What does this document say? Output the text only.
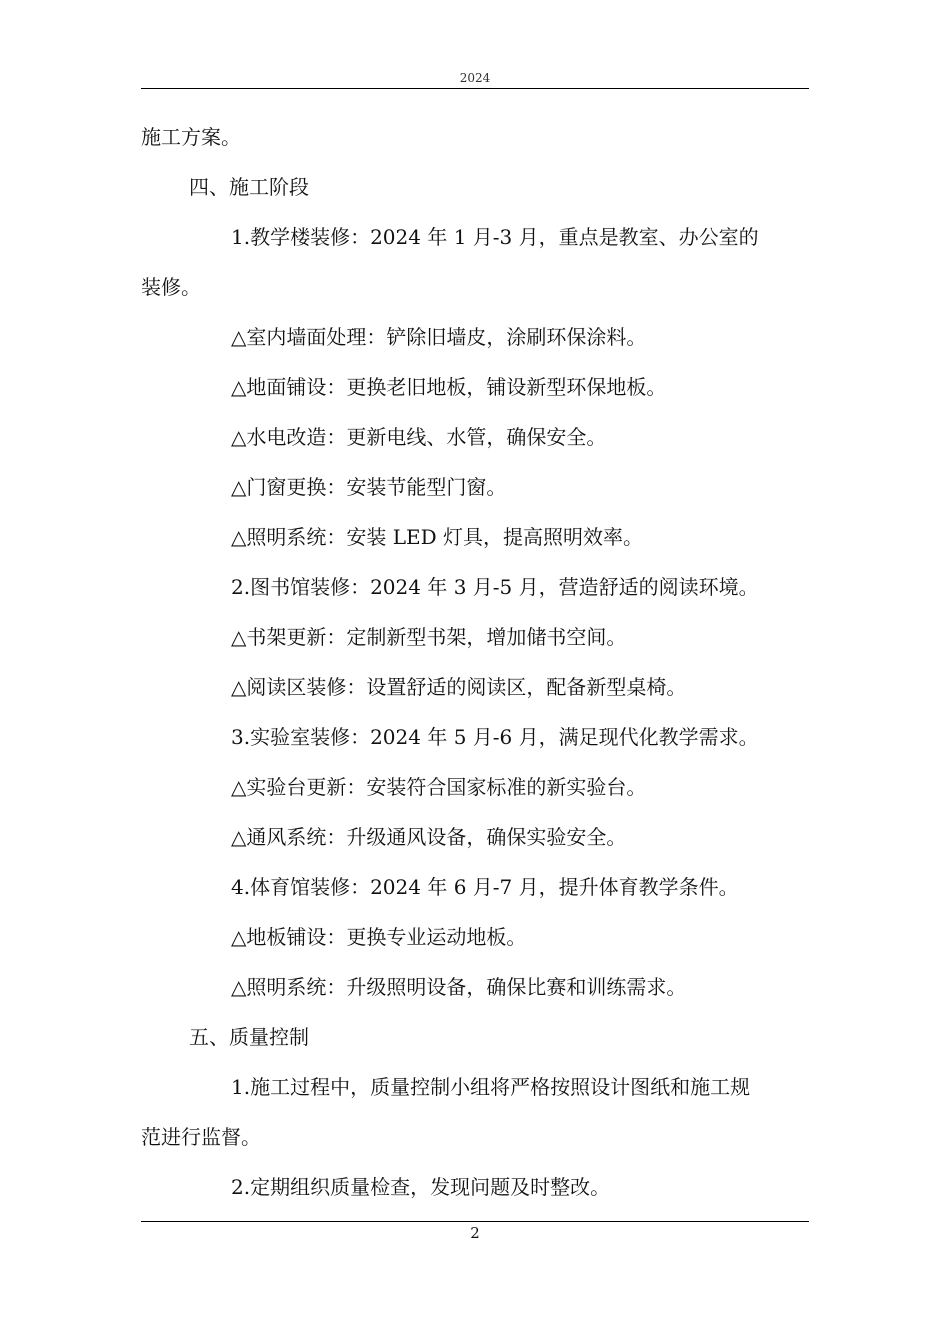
2024
施工方案。
四、施工阶段
1.教学楼装修：2024 年 1 月-3 月，重点是教室、办公室的
装修。
△室内墙面处理：铲除旧墙皮，涂刷环保涂料。
△地面铺设：更换老旧地板，铺设新型环保地板。
△水电改造：更新电线、水管，确保安全。
△门窗更换：安装节能型门窗。
△照明系统：安装 LED 灯具，提高照明效率。
2.图书馆装修：2024 年 3 月-5 月，营造舒适的阅读环境。
△书架更新：定制新型书架，增加储书空间。
△阅读区装修：设置舒适的阅读区，配备新型桌椅。
3.实验室装修：2024 年 5 月-6 月，满足现代化教学需求。
△实验台更新：安装符合国家标准的新实验台。
△通风系统：升级通风设备，确保实验安全。
4.体育馆装修：2024 年 6 月-7 月，提升体育教学条件。
△地板铺设：更换专业运动地板。
△照明系统：升级照明设备，确保比赛和训练需求。
五、质量控制
1.施工过程中，质量控制小组将严格按照设计图纸和施工规
范进行监督。
2.定期组织质量检查，发现问题及时整改。
2
